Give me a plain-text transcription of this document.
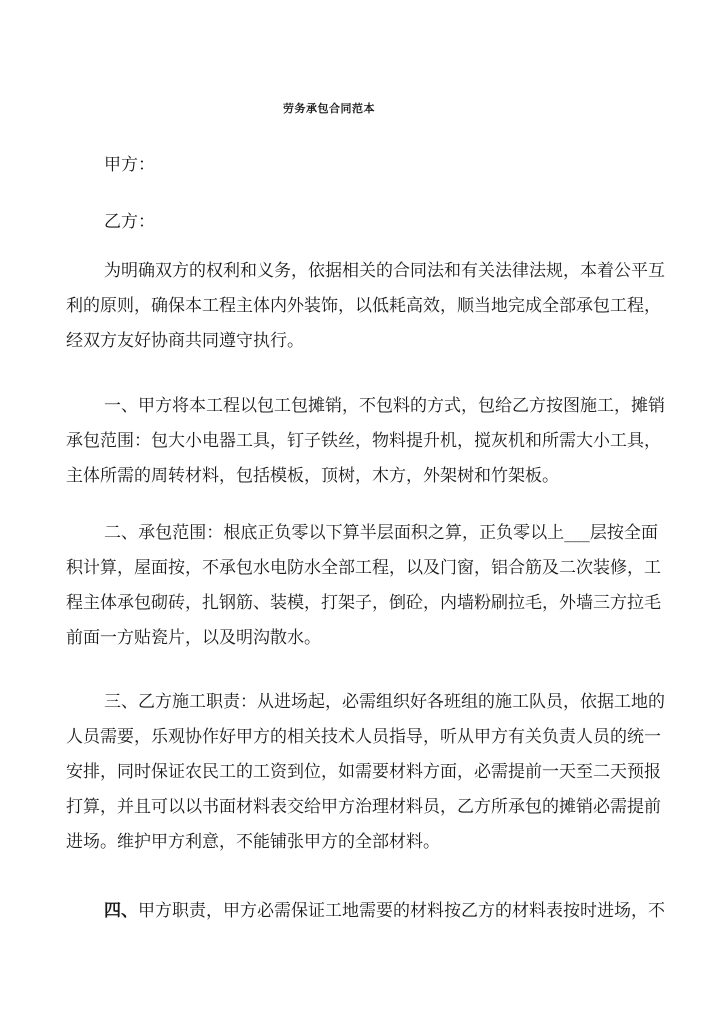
劳务承包合同范本
甲方：
乙方：
为明确双方的权利和义务，依据相关的合同法和有关法律法规，本着公平互
利的原则，确保本工程主体内外装饰，以低耗高效，顺当地完成全部承包工程，
经双方友好协商共同遵守执行。
一、甲方将本工程以包工包摊销，不包料的方式，包给乙方按图施工，摊销
承包范围：包大小电器工具，钉子铁丝，物料提升机，搅灰机和所需大小工具，
主体所需的周转材料，包括模板，顶树，木方，外架树和竹架板。
二、承包范围：根底正负零以下算半层面积之算，正负零以上___层按全面
积计算，屋面按，不承包水电防水全部工程，以及门窗，铝合筋及二次装修，工
程主体承包砌砖，扎钢筋、装模，打架子，倒砼，内墙粉刷拉毛，外墙三方拉毛
前面一方贴瓷片，以及明沟散水。
三、乙方施工职责：从进场起，必需组织好各班组的施工队员，依据工地的
人员需要，乐观协作好甲方的相关技术人员指导，听从甲方有关负责人员的统一
安排，同时保证农民工的工资到位，如需要材料方面，必需提前一天至二天预报
打算，并且可以以书面材料表交给甲方治理材料员，乙方所承包的摊销必需提前
进场。维护甲方利意，不能铺张甲方的全部材料。
四、甲方职责，甲方必需保证工地需要的材料按乙方的材料表按时进场，不
